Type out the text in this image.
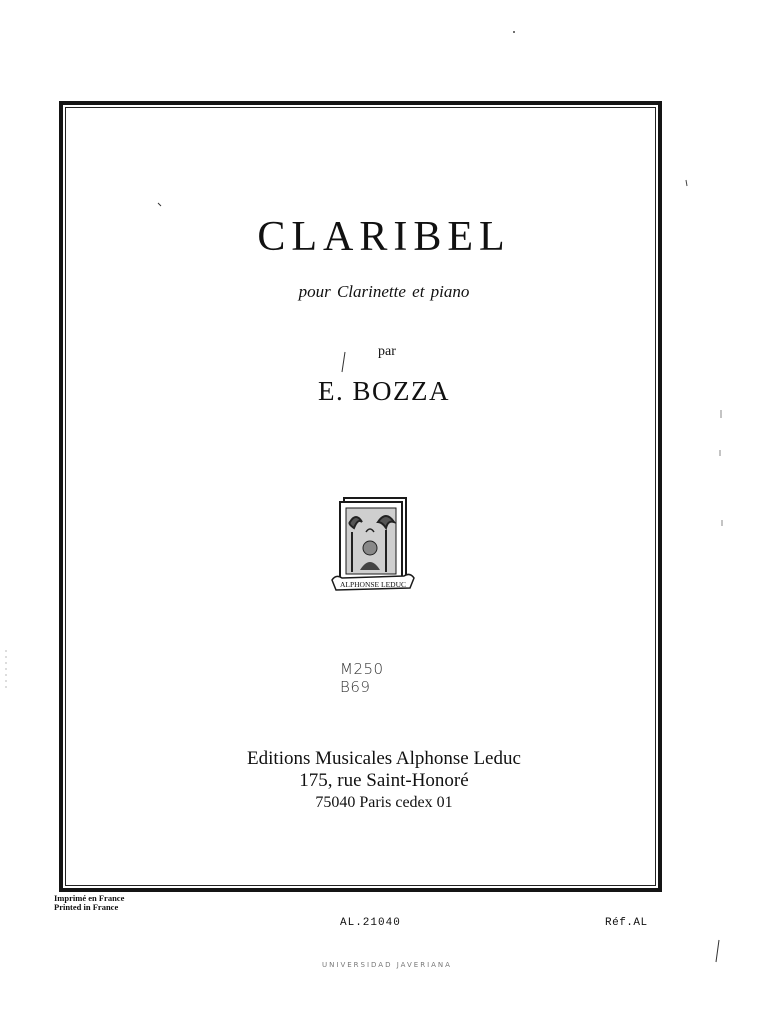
CLARIBEL
pour Clarinette et piano
par
E. BOZZA
ALPHONSE LEDUC
M250
B69
Editions Musicales Alphonse Leduc
175, rue Saint-Honoré
75040 Paris cedex 01
Imprimé en France
Printed in France
AL.21040	Réf.AL
UNIVERSIDAD JAVERIANA
